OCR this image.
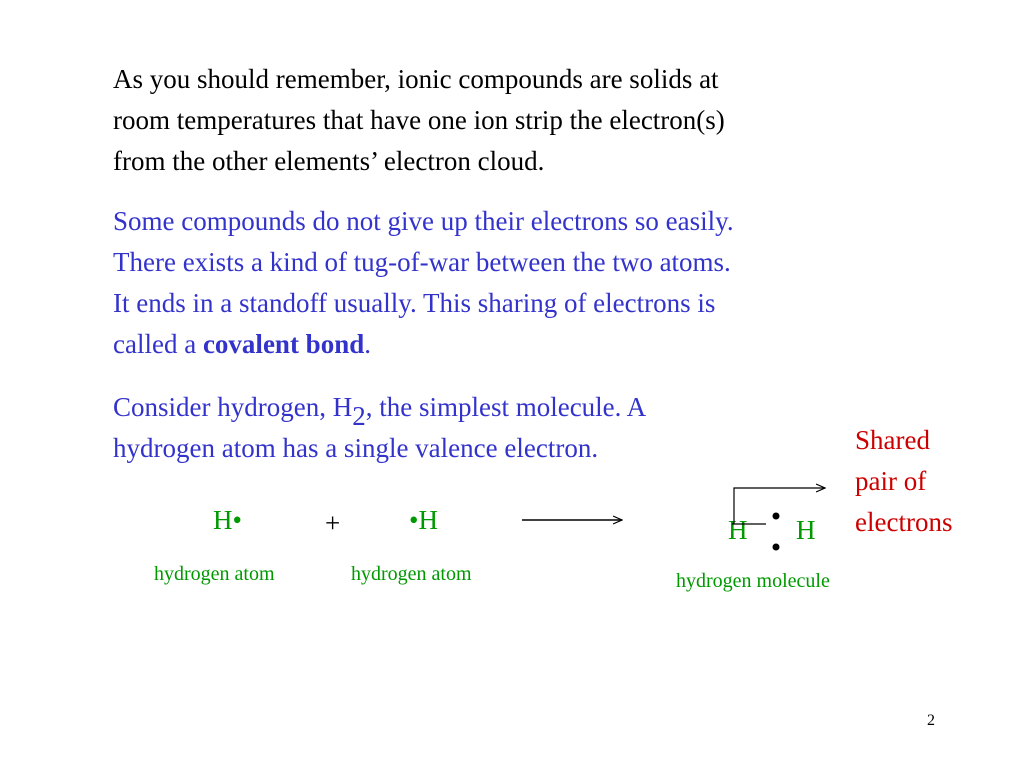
As you should remember, ionic compounds are solids at
room temperatures that have one ion strip the electron(s)
from the other elements’ electron cloud.
Some compounds do not give up their electrons so easily.
There exists a kind of tug-of-war between the two atoms.
It ends in a standoff usually. This sharing of electrons is
called a covalent bond.
Consider hydrogen, H2, the simplest molecule. A
hydrogen atom has a single valence electron.
H•	+	•H
hydrogen atom	hydrogen atom
H H
hydrogen molecule
Shared
pair of
electrons
2
